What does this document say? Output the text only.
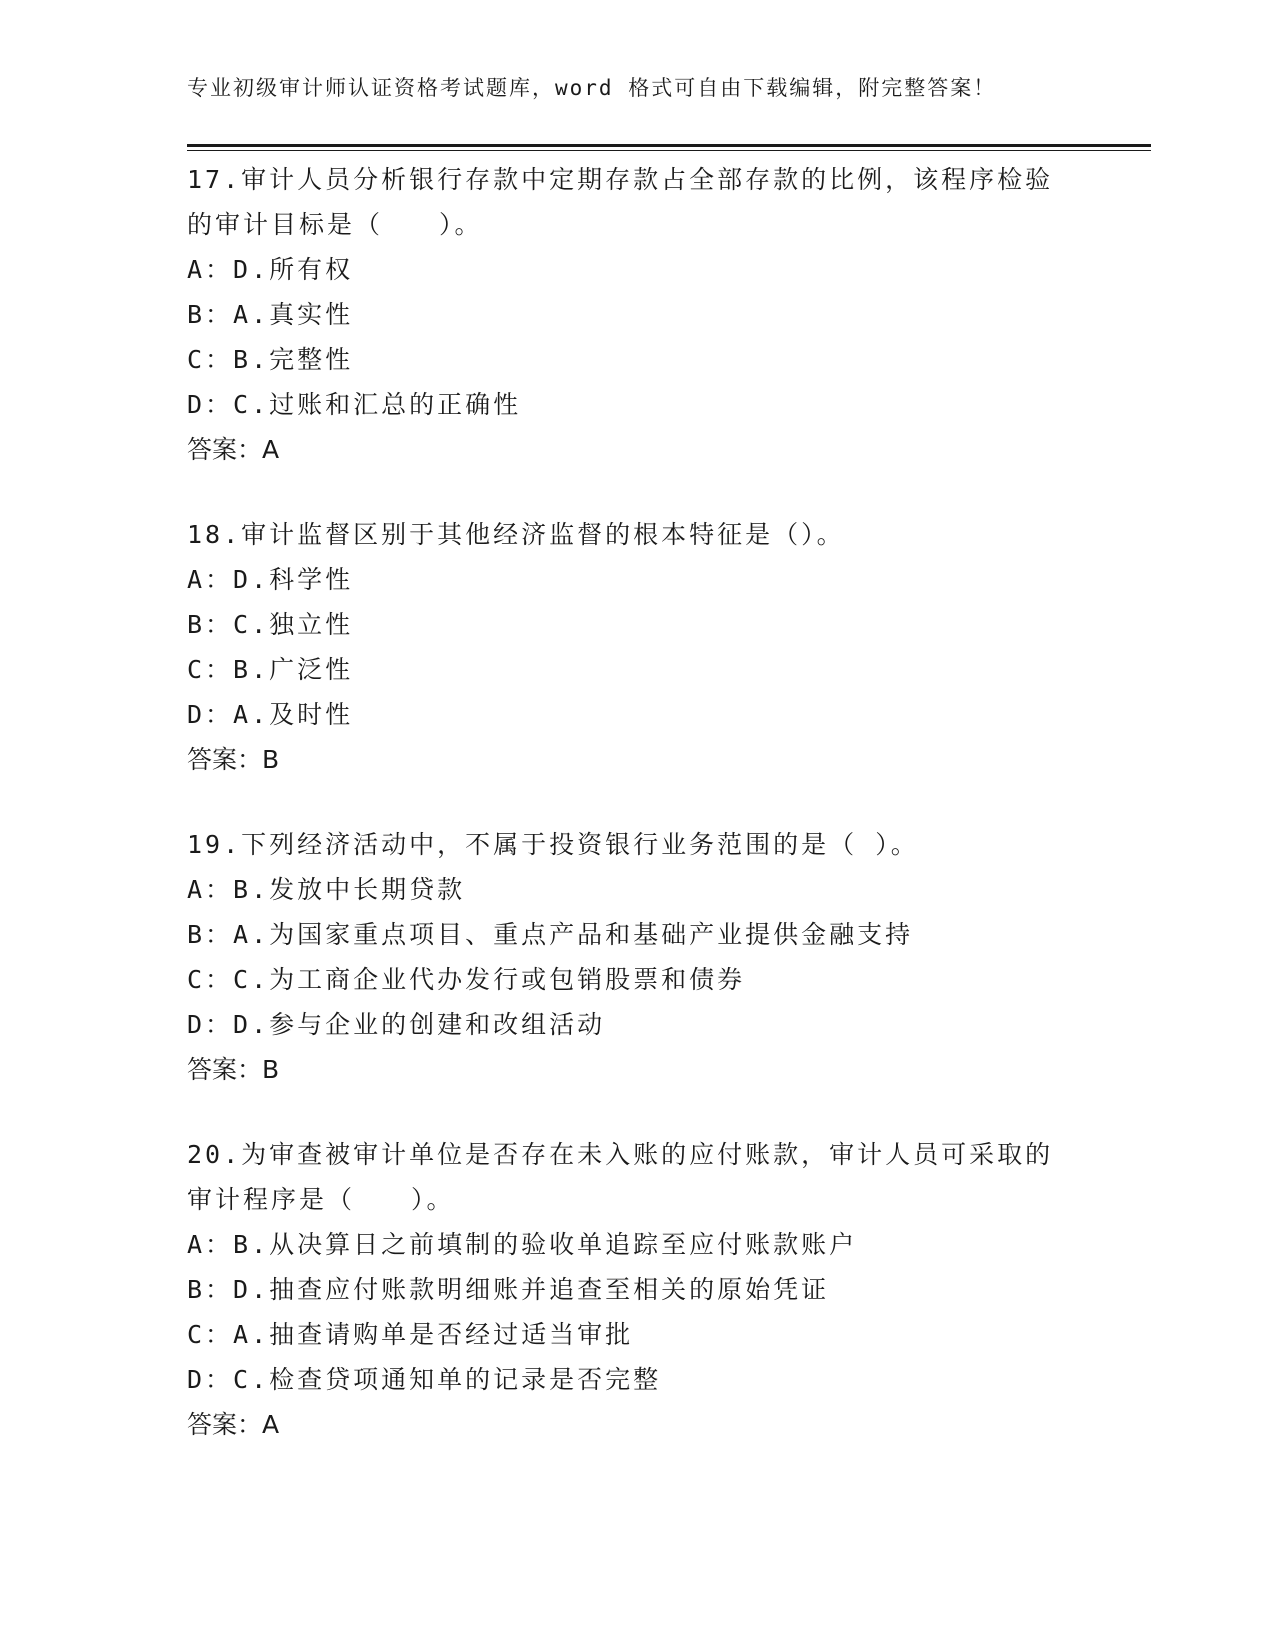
专业初级审计师认证资格考试题库，word 格式可自由下载编辑，附完整答案！

17.审计人员分析银行存款中定期存款占全部存款的比例，该程序检验

的审计目标是（　　）。

A：D.所有权

B：A.真实性

C：B.完整性

D：C.过账和汇总的正确性

答案：A

18.审计监督区别于其他经济监督的根本特征是（）。

A：D.科学性

B：C.独立性

C：B.广泛性

D：A.及时性

答案：B

19.下列经济活动中，不属于投资银行业务范围的是（ ）。

A：B.发放中长期贷款

B：A.为国家重点项目、重点产品和基础产业提供金融支持

C：C.为工商企业代办发行或包销股票和债券

D：D.参与企业的创建和改组活动

答案：B

20.为审查被审计单位是否存在未入账的应付账款，审计人员可采取的

审计程序是（　　）。

A：B.从决算日之前填制的验收单追踪至应付账款账户

B：D.抽查应付账款明细账并追查至相关的原始凭证

C：A.抽查请购单是否经过适当审批

D：C.检查贷项通知单的记录是否完整

答案：A
